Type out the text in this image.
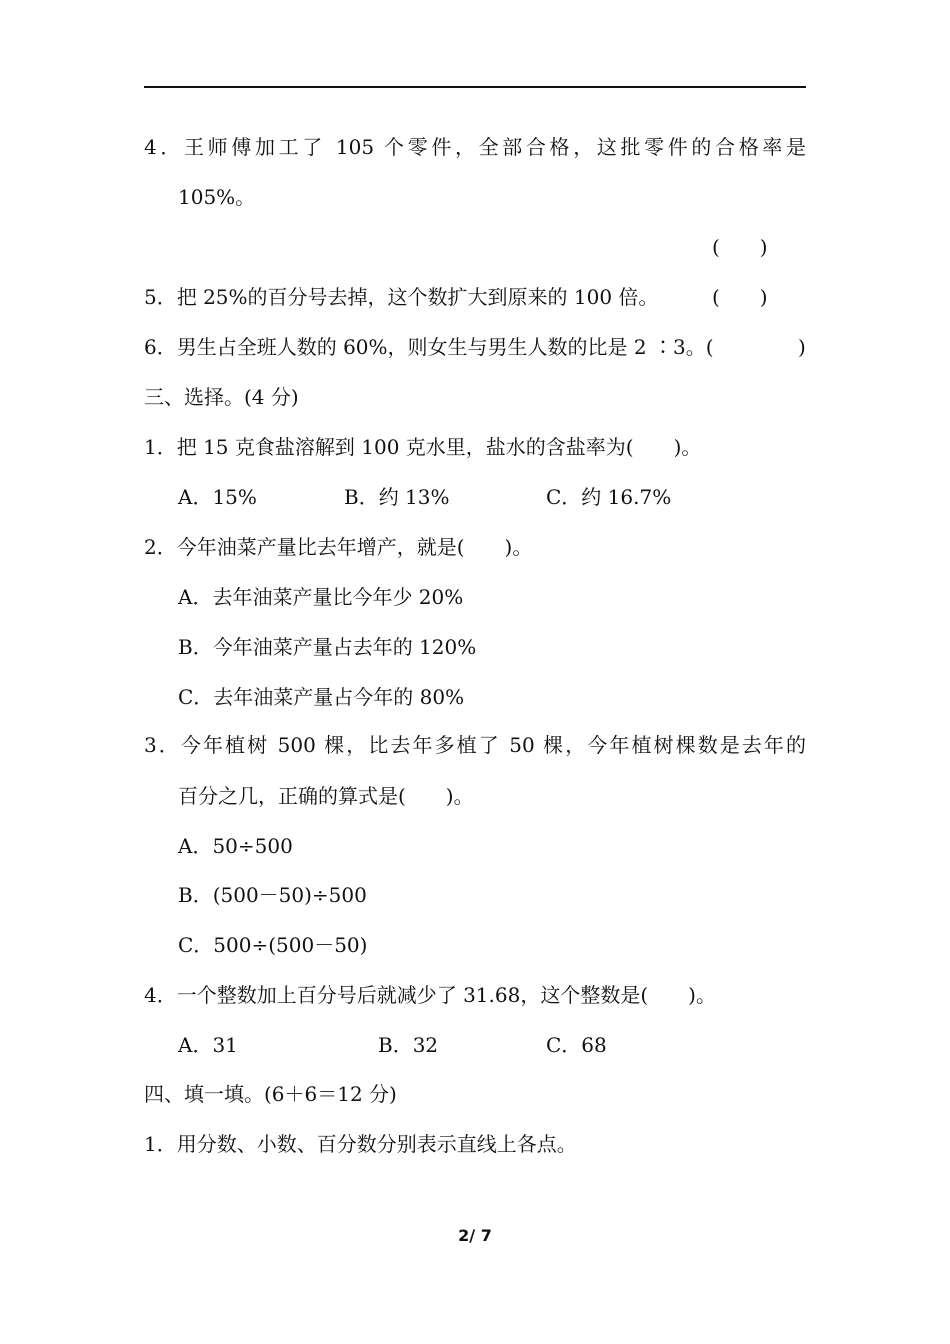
4．王师傅加工了 105 个零件，全部合格，这批零件的合格率是
105%。
(　　)
5．把 25%的百分号去掉，这个数扩大到原来的 100 倍。	(　　)
6．男生占全班人数的 60%，则女生与男生人数的比是 2 ∶3。(	)
三、选择。(4 分)
1．把 15 克食盐溶解到 100 克水里，盐水的含盐率为(　　)。
A．15%	B．约 13%	C．约 16.7%
2．今年油菜产量比去年增产，就是(　　)。
A．去年油菜产量比今年少 20%
B．今年油菜产量占去年的 120%
C．去年油菜产量占今年的 80%
3．今年植树 500 棵，比去年多植了 50 棵，今年植树棵数是去年的
百分之几，正确的算式是(　　)。
A．50÷500
B．(500－50)÷500
C．500÷(500－50)
4．一个整数加上百分号后就减少了 31.68，这个整数是(　　)。
A．31	B．32	C．68
四、填一填。(6＋6＝12 分)
1．用分数、小数、百分数分别表示直线上各点。
2/ 7
